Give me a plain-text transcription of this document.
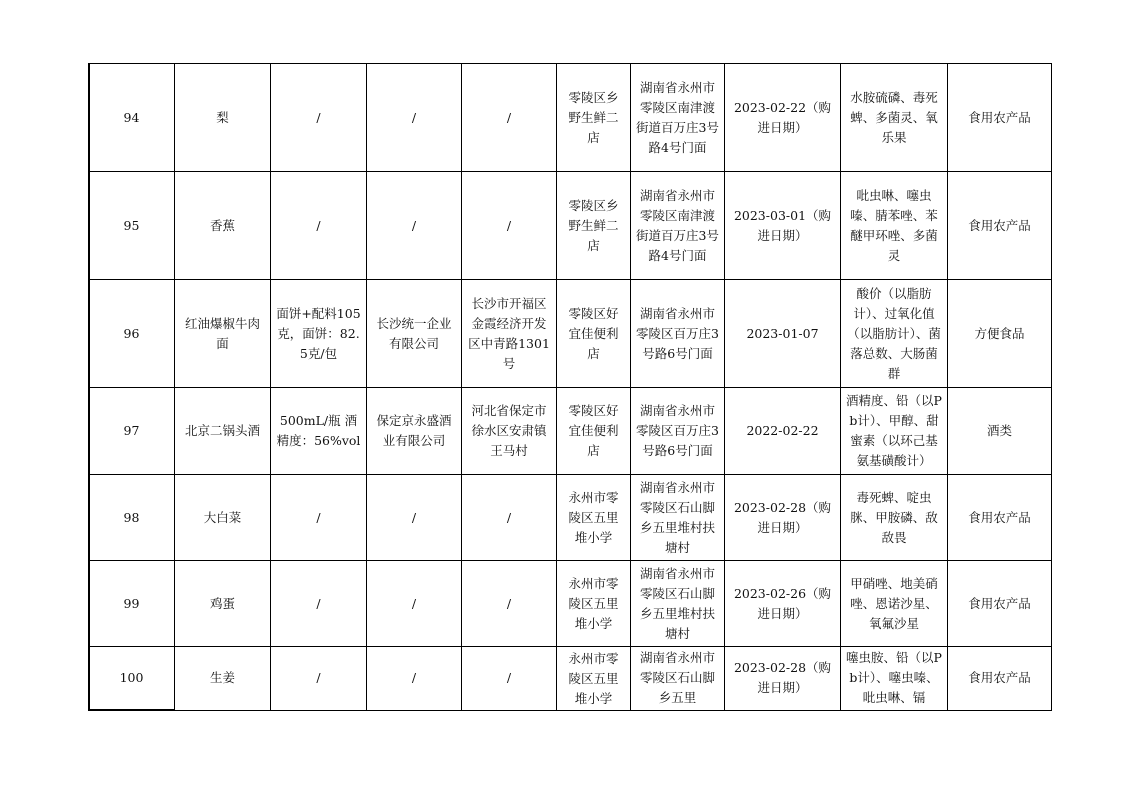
94	梨	/	/	/	零陵区乡野生鲜二店	湖南省永州市零陵区南津渡街道百万庄3号路4号门面	2023-02-22（购进日期）	水胺硫磷、毒死蜱、多菌灵、氧乐果	食用农产品
95	香蕉	/	/	/	零陵区乡野生鲜二店	湖南省永州市零陵区南津渡街道百万庄3号路4号门面	2023-03-01（购进日期）	吡虫啉、噻虫嗪、腈苯唑、苯醚甲环唑、多菌灵	食用农产品
96	红油爆椒牛肉面	面饼+配料105克，面饼：82.5克/包	长沙统一企业有限公司	长沙市开福区金霞经济开发区中青路1301号	零陵区好宜佳便利店	湖南省永州市零陵区百万庄3号路6号门面	2023-01-07	酸价（以脂肪计）、过氧化值（以脂肪计）、菌落总数、大肠菌群	方便食品
97	北京二锅头酒	500mL/瓶 酒精度：56%vol	保定京永盛酒业有限公司	河北省保定市徐水区安肃镇王马村	零陵区好宜佳便利店	湖南省永州市零陵区百万庄3号路6号门面	2022-02-22	酒精度、铅（以Pb计）、甲醇、甜蜜素（以环己基氨基磺酸计）	酒类
98	大白菜	/	/	/	永州市零陵区五里堆小学	湖南省永州市零陵区石山脚乡五里堆村扶塘村	2023-02-28（购进日期）	毒死蜱、啶虫脒、甲胺磷、敌敌畏	食用农产品
99	鸡蛋	/	/	/	永州市零陵区五里堆小学	湖南省永州市零陵区石山脚乡五里堆村扶塘村	2023-02-26（购进日期）	甲硝唑、地美硝唑、恩诺沙星、氧氟沙星	食用农产品
100	生姜	/	/	/	永州市零陵区五里堆小学	湖南省永州市零陵区石山脚乡五里	2023-02-28（购进日期）	噻虫胺、铅（以Pb计）、噻虫嗪、吡虫啉、镉	食用农产品
